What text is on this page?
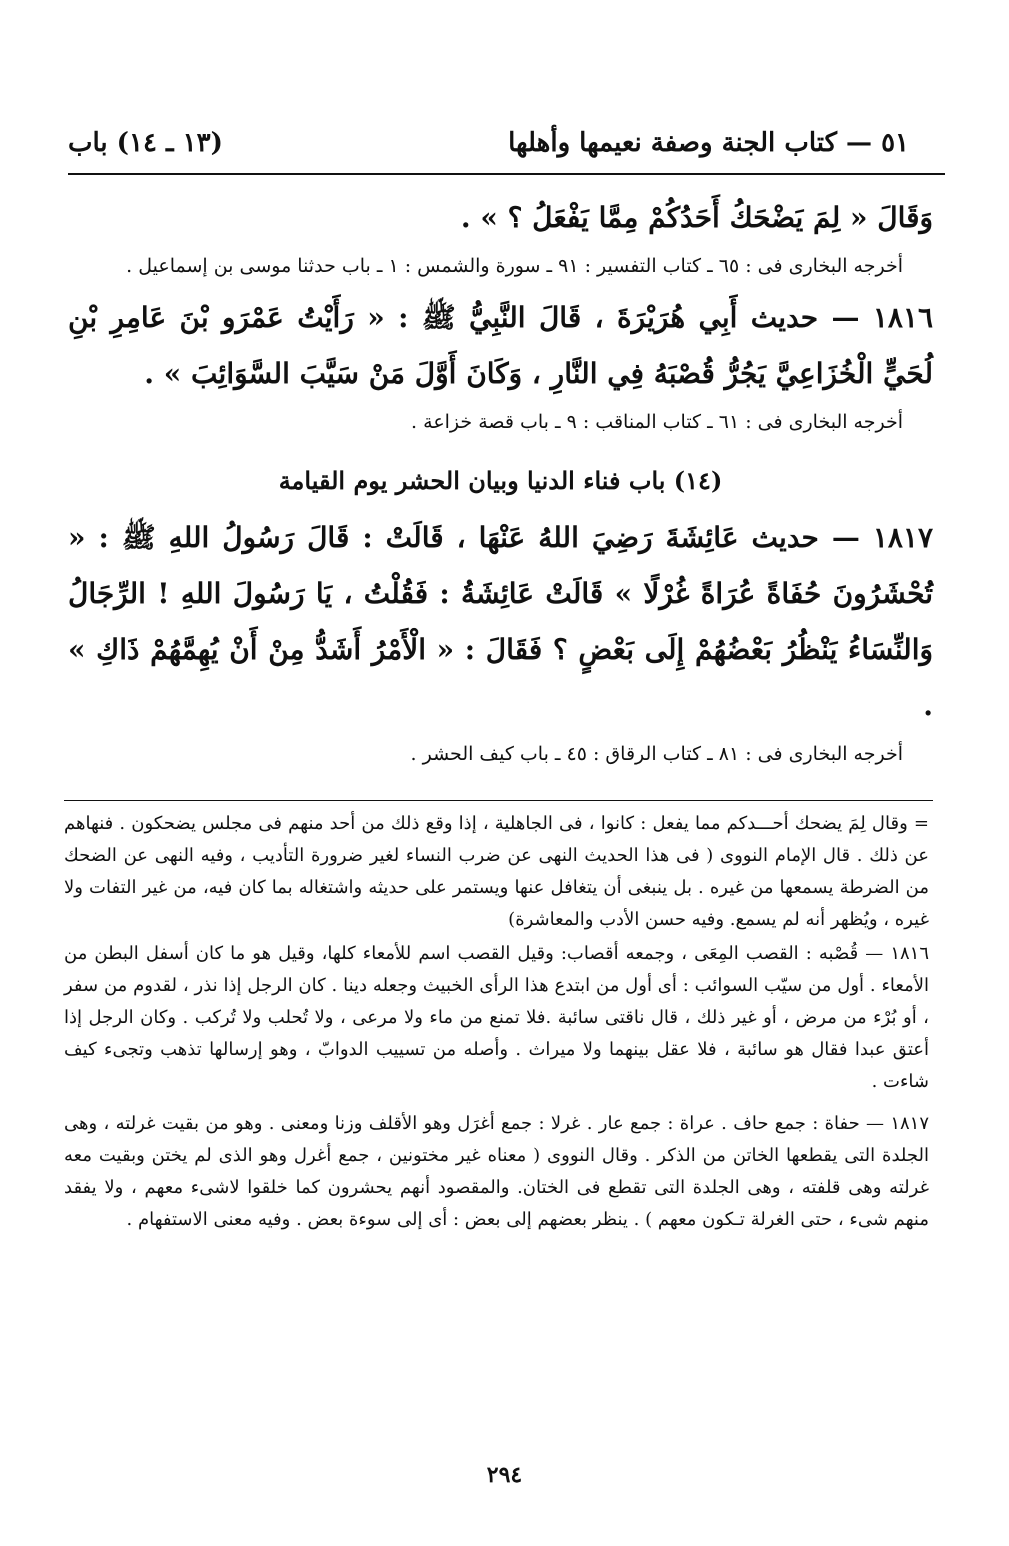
٥١ — كتاب الجنة وصفة نعيمها وأهلها
(١٣ ـ ١٤) باب

وَقَالَ « لِمَ يَضْحَكُ أَحَدُكُمْ مِمَّا يَفْعَلُ ؟ » .

أخرجه البخارى فى : ٦٥ ـ كتاب التفسير : ٩١ ـ سورة والشمس : ١ ـ باب حدثنا موسى بن إسماعيل .

١٨١٦ — حديث أَبِي هُرَيْرَةَ ، قَالَ النَّبِيُّ ﷺ : « رَأَيْتُ عَمْرَو بْنَ عَامِرِ بْنِ لُحَيٍّ الْخُزَاعِيَّ يَجُرُّ قُصْبَهُ فِي النَّارِ ، وَكَانَ أَوَّلَ مَنْ سَيَّبَ السَّوَائِبَ » .

أخرجه البخارى فى : ٦١ ـ كتاب المناقب : ٩ ـ باب قصة خزاعة .

(١٤) باب فناء الدنيا وبيان الحشر يوم القيامة

١٨١٧ — حديث عَائِشَةَ رَضِيَ اللهُ عَنْهَا ، قَالَتْ : قَالَ رَسُولُ اللهِ ﷺ : « تُحْشَرُونَ حُفَاةً عُرَاةً غُرْلًا » قَالَتْ عَائِشَةُ : فَقُلْتُ ، يَا رَسُولَ اللهِ ! الرِّجَالُ وَالنِّسَاءُ يَنْظُرُ بَعْضُهُمْ إِلَى بَعْضٍ ؟ فَقَالَ : « الْأَمْرُ أَشَدُّ مِنْ أَنْ يُهِمَّهُمْ ذَاكِ » .

أخرجه البخارى فى : ٨١ ـ كتاب الرقاق : ٤٥ ـ باب كيف الحشر .

= وقال لِمَ يضحك أحـــدكم مما يفعل : كانوا ، فى الجاهلية ، إذا وقع ذلك من أحد منهم فى مجلس يضحكون . فنهاهم عن ذلك . قال الإمام النووى ( فى هذا الحديث النهى عن ضرب النساء لغير ضرورة التأديب ، وفيه النهى عن الضحك من الضرطة يسمعها من غيره . بل ينبغى أن يتغافل عنها ويستمر على حديثه واشتغاله بما كان فيه، من غير التفات ولا غيره ، ويُظهر أنه لم يسمع. وفيه حسن الأدب والمعاشرة)

١٨١٦ — قُصْبه : القصب المِعَى ، وجمعه أقصاب: وقيل القصب اسم للأمعاء كلها، وقيل هو ما كان أسفل البطن من الأمعاء . أول من سيّب السوائب : أى أول من ابتدع هذا الرأى الخبيث وجعله دينا . كان الرجل إذا نذر ، لقدوم من سفر ، أو بُرْء من مرض ، أو غير ذلك ، قال ناقتى سائبة .فلا تمنع من ماء ولا مرعى ، ولا تُحلب ولا تُركب . وكان الرجل إذا أعتق عبدا فقال هو سائبة ، فلا عقل بينهما ولا ميراث . وأصله من تسييب الدوابّ ، وهو إرسالها تذهب وتجىء كيف شاءت .

١٨١٧ — حفاة : جمع حاف . عراة : جمع عار . غرلا : جمع أغرَل وهو الأقلف وزنا ومعنى . وهو من بقيت غرلته ، وهى الجلدة التى يقطعها الخاتن من الذكر . وقال النووى ( معناه غير مختونين ، جمع أغرل وهو الذى لم يختن وبقيت معه غرلته وهى قلفته ، وهى الجلدة التى تقطع فى الختان. والمقصود أنهم يحشرون كما خلقوا لاشىء معهم ، ولا يفقد منهم شىء ، حتى الغرلة تـكون معهم ) . ينظر بعضهم إلى بعض : أى إلى سوءة بعض . وفيه معنى الاستفهام .

٢٩٤
